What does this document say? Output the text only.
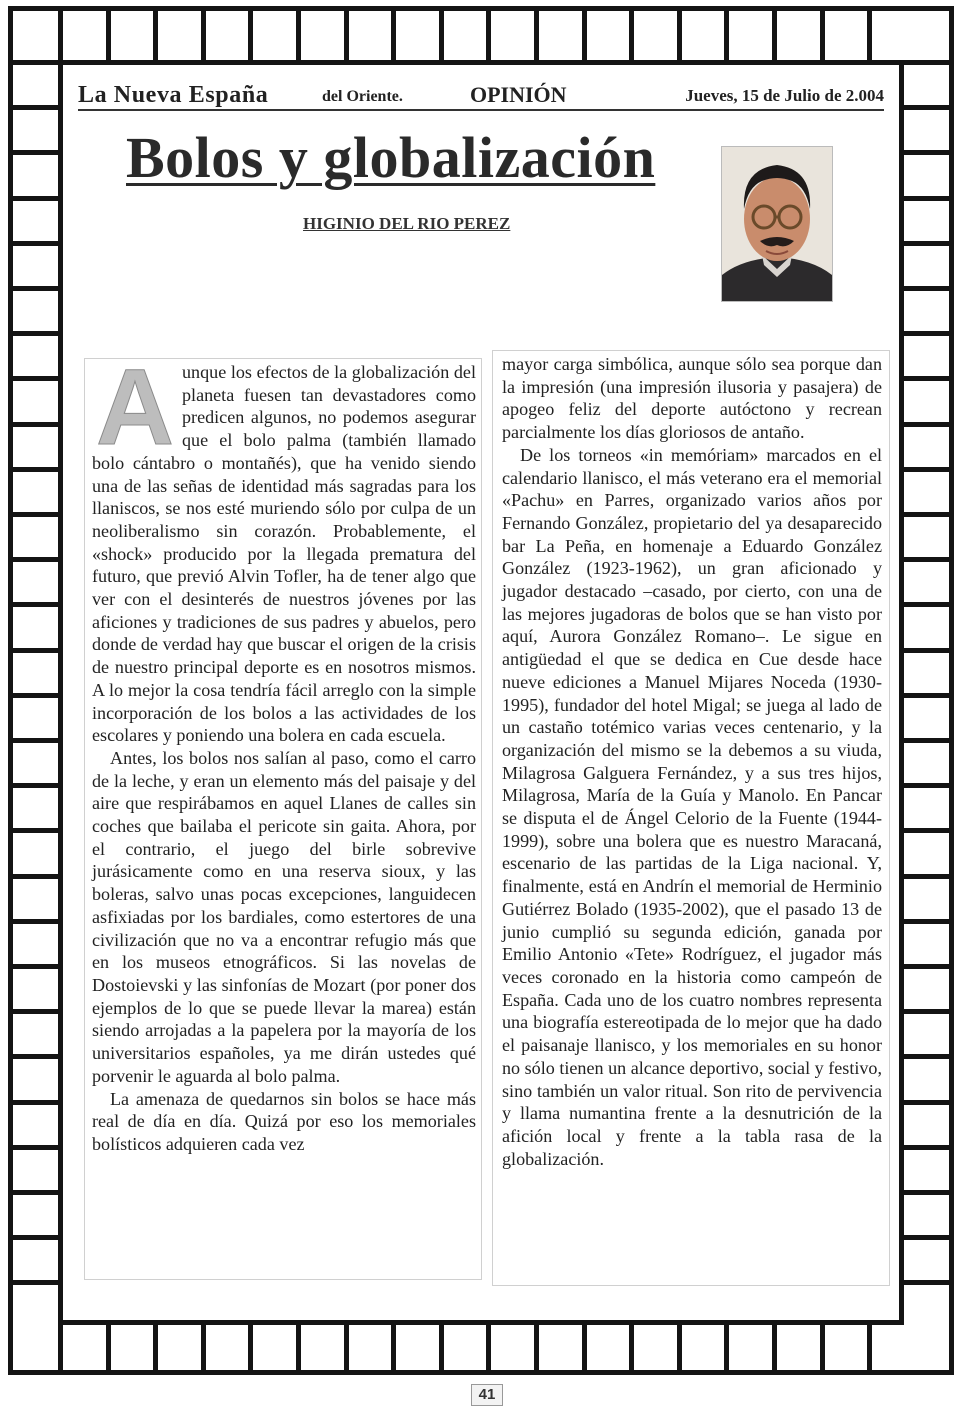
La Nueva España	del Oriente.	OPINIÓN	Jueves, 15 de Julio de 2.004
Bolos y globalización
HIGINIO DEL RIO PEREZ

Aunque los efectos de la globalización del planeta fuesen tan devastadores como predicen algunos, no podemos asegurar que el bolo palma (también llamado bolo cántabro o montañés), que ha venido siendo una de las señas de identidad más sagradas para los llaniscos, se nos esté muriendo sólo por culpa de un neoliberalismo sin corazón. Probablemente, el «shock» producido por la llegada prematura del futuro, que previó Alvin Tofler, ha de tener algo que ver con el desinterés de nuestros jóvenes por las aficiones y tradiciones de sus padres y abuelos, pero donde de verdad hay que buscar el origen de la crisis de nuestro principal deporte es en nosotros mismos. A lo mejor la cosa tendría fácil arreglo con la simple incorporación de los bolos a las actividades de los escolares y poniendo una bolera en cada escuela.

Antes, los bolos nos salían al paso, como el carro de la leche, y eran un elemento más del paisaje y del aire que respirábamos en aquel Llanes de calles sin coches que bailaba el pericote sin gaita. Ahora, por el contrario, el juego del birle sobrevive jurásicamente como en una reserva sioux, y las boleras, salvo unas pocas excepciones, languidecen asfixiadas por los bardiales, como estertores de una civilización que no va a encontrar refugio más que en los museos etnográficos. Si las novelas de Dostoievski y las sinfonías de Mozart (por poner dos ejemplos de lo que se puede llevar la marea) están siendo arrojadas a la papelera por la mayoría de los universitarios españoles, ya me dirán ustedes qué porvenir le aguarda al bolo palma.

La amenaza de quedarnos sin bolos se hace más real de día en día. Quizá por eso los memoriales bolísticos adquieren cada vez

mayor carga simbólica, aunque sólo sea porque dan la impresión (una impresión ilusoria y pasajera) de apogeo feliz del deporte autóctono y recrean parcialmente los días gloriosos de antaño.

De los torneos «in memóriam» marcados en el calendario llanisco, el más veterano era el memorial «Pachu» en Parres, organizado varios años por Fernando González, propietario del ya desaparecido bar La Peña, en homenaje a Eduardo González González (1923-1962), un gran aficionado y jugador destacado –casado, por cierto, con una de las mejores jugadoras de bolos que se han visto por aquí, Aurora González Romano–. Le sigue en antigüedad el que se dedica en Cue desde hace nueve ediciones a Manuel Mijares Noceda (1930-1995), fundador del hotel Migal; se juega al lado de un castaño totémico varias veces centenario, y la organización del mismo se la debemos a su viuda, Milagrosa Galguera Fernández, y a sus tres hijos, Milagrosa, María de la Guía y Manolo. En Pancar se disputa el de Ángel Celorio de la Fuente (1944-1999), sobre una bolera que es nuestro Maracaná, escenario de las partidas de la Liga nacional. Y, finalmente, está en Andrín el memorial de Herminio Gutiérrez Bolado (1935-2002), que el pasado 13 de junio cumplió su segunda edición, ganada por Emilio Antonio «Tete» Rodríguez, el jugador más veces coronado en la historia como campeón de España. Cada uno de los cuatro nombres representa una biografía estereotipada de lo mejor que ha dado el paisanaje llanisco, y los memoriales en su honor no sólo tienen un alcance deportivo, social y festivo, sino también un valor ritual. Son rito de pervivencia y llama numantina frente a la desnutrición de la afición local y frente a la tabla rasa de la globalización.

41
